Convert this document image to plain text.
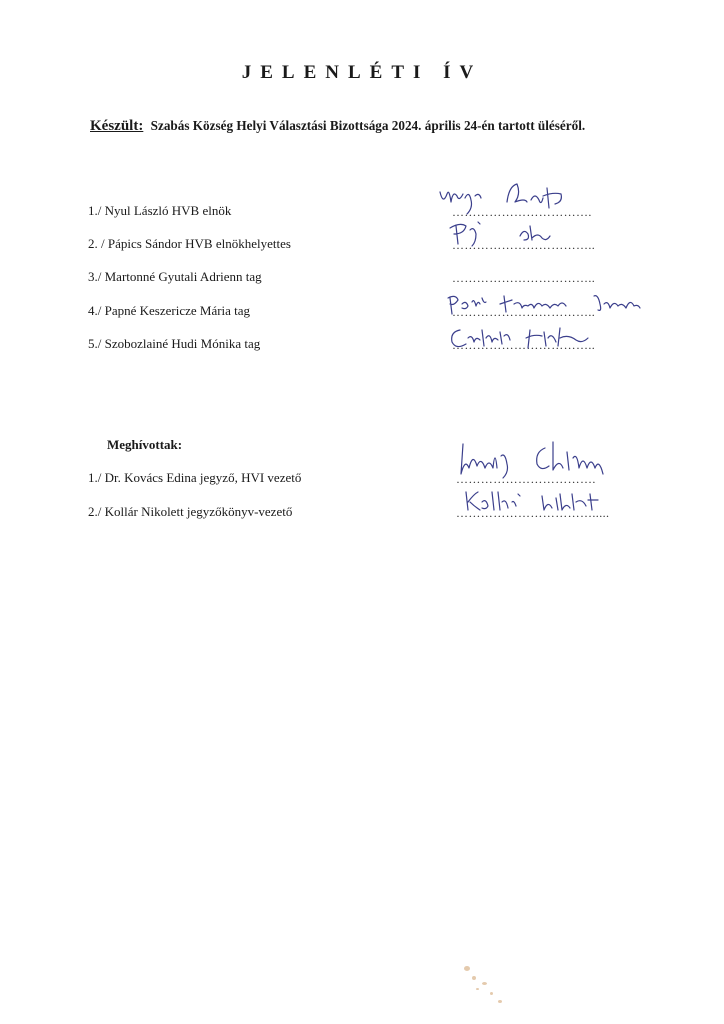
JELENLÉTI ÍV
Készült: Szabás Község Helyi Választási Bizottsága 2024. április 24-én tartott üléséről.
1./ Nyul László HVB elnök	…………………………….
2. / Pápics Sándor HVB elnökhelyettes	……………………………..
3./ Martonné Gyutali Adrienn tag	……………………………..
4./ Papné Keszericze Mária tag	……………………………..
5./ Szobozlainé Hudi Mónika tag	……………………………..
Meghívottak:
1./ Dr. Kovács Edina jegyző, HVI vezető	…………………………….
2./ Kollár Nikolett jegyzőkönyv-vezető	…………………………….....
